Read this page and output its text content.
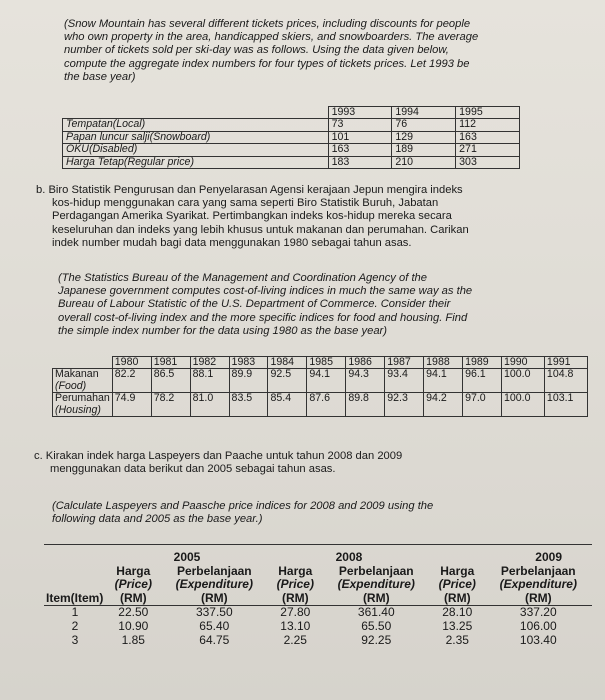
(Snow Mountain has several different tickets prices, including discounts for people
who own property in the area, handicapped skiers, and snowboarders. The average
number of tickets sold per ski-day was as follows. Using the data given below,
compute the aggregate index numbers for four types of tickets prices. Let 1993 be
the base year)
	1993	1994	1995
Tempatan(Local)	73	76	112
Papan luncur salji(Snowboard)	101	129	163
OKU(Disabled)	163	189	271
Harga Tetap(Regular price)	183	210	303
b. Biro Statistik Pengurusan dan Penyelarasan Agensi kerajaan Jepun mengira indeks
kos-hidup menggunakan cara yang sama seperti Biro Statistik Buruh, Jabatan
Perdagangan Amerika Syarikat. Pertimbangkan indeks kos-hidup mereka secara
keseluruhan dan indeks yang lebih khusus untuk makanan dan perumahan. Carikan
indek number mudah bagi data menggunakan 1980 sebagai tahun asas.
(The Statistics Bureau of the Management and Coordination Agency of the
Japanese government computes cost-of-living indices in much the same way as the
Bureau of Labour Statistic of the U.S. Department of Commerce. Consider their
overall cost-of-living index and the more specific indices for food and housing. Find
the simple index number for the data using 1980 as the base year)
	1980	1981	1982	1983	1984	1985	1986	1987	1988	1989	1990	1991
Makanan
(Food)	82.2	86.5	88.1	89.9	92.5	94.1	94.3	93.4	94.1	96.1	100.0	104.8
Perumahan
(Housing)	74.9	78.2	81.0	83.5	85.4	87.6	89.8	92.3	94.2	97.0	100.0	103.1
c. Kirakan indek harga Laspeyers dan Paache untuk tahun 2008 dan 2009
menggunakan data berikut dan 2005 sebagai tahun asas.
(Calculate Laspeyers and Paasche price indices for 2008 and 2009 using the
following data and 2005 as the base year.)
	2005		2008		2009	
	Harga	Perbelanjaan	Harga	Perbelanjaan	Harga	Perbelanjaan
	(Price)	(Expenditure)	(Price)	(Expenditure)	(Price)	(Expenditure)
Item(Item)	(RM)	(RM)	(RM)	(RM)	(RM)	(RM)
1	22.50	337.50	27.80	361.40	28.10	337.20
2	10.90	65.40	13.10	65.50	13.25	106.00
3	1.85	64.75	2.25	92.25	2.35	103.40
